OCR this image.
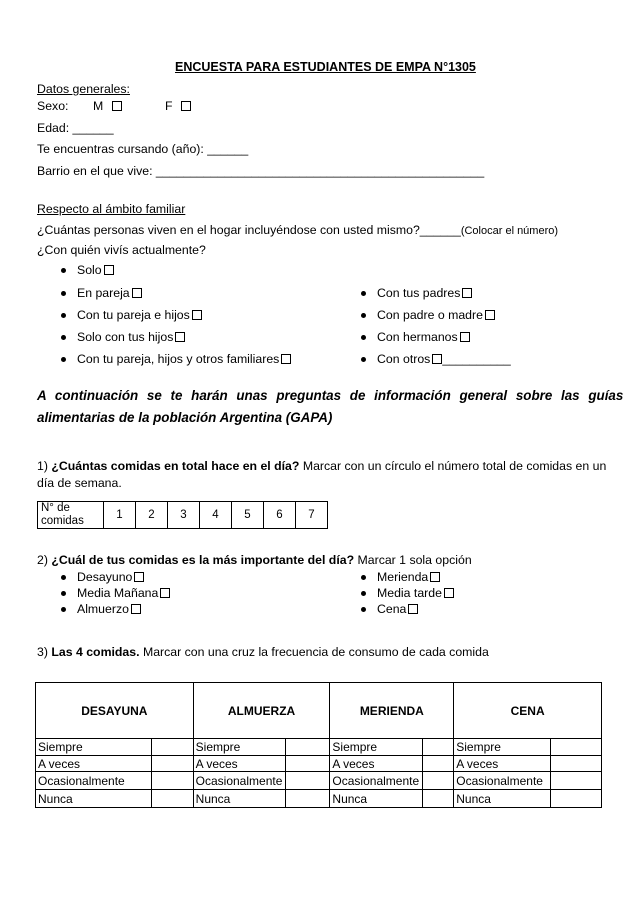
ENCUESTA PARA ESTUDIANTES DE EMPA N°1305
Datos generales:
Sexo: M	F
Edad: ______
Te encuentras cursando (año): ______
Barrio en el que vive: ________________________________________________
Respecto al ámbito familiar
¿Cuántas personas viven en el hogar incluyéndose con usted mismo?______(Colocar el número)
¿Con quién vivís actualmente?
Solo
En pareja
Con tu pareja e hijos
Solo con tus hijos
Con tu pareja, hijos y otros familiares
Con tus padres
Con padre o madre
Con hermanos
Con otros __________
A continuación se te harán unas preguntas de información general sobre las guías
alimentarias de la población Argentina (GAPA)
1) ¿Cuántas comidas en total hace en el día? Marcar con un círculo el número total de comidas en un
día de semana.
N° de
comidas	1	2	3	4	5	6	7
2) ¿Cuál de tus comidas es la más importante del día? Marcar 1 sola opción
Desayuno
Media Mañana
Almuerzo
Merienda
Media tarde
Cena
3) Las 4 comidas. Marcar con una cruz la frecuencia de consumo de cada comida
DESAYUNA		ALMUERZA		MERIENDA		CENA	
Siempre		Siempre		Siempre		Siempre	
A veces		A veces		A veces		A veces	
Ocasionalmente		Ocasionalmente		Ocasionalmente		Ocasionalmente	
Nunca		Nunca		Nunca		Nunca	
